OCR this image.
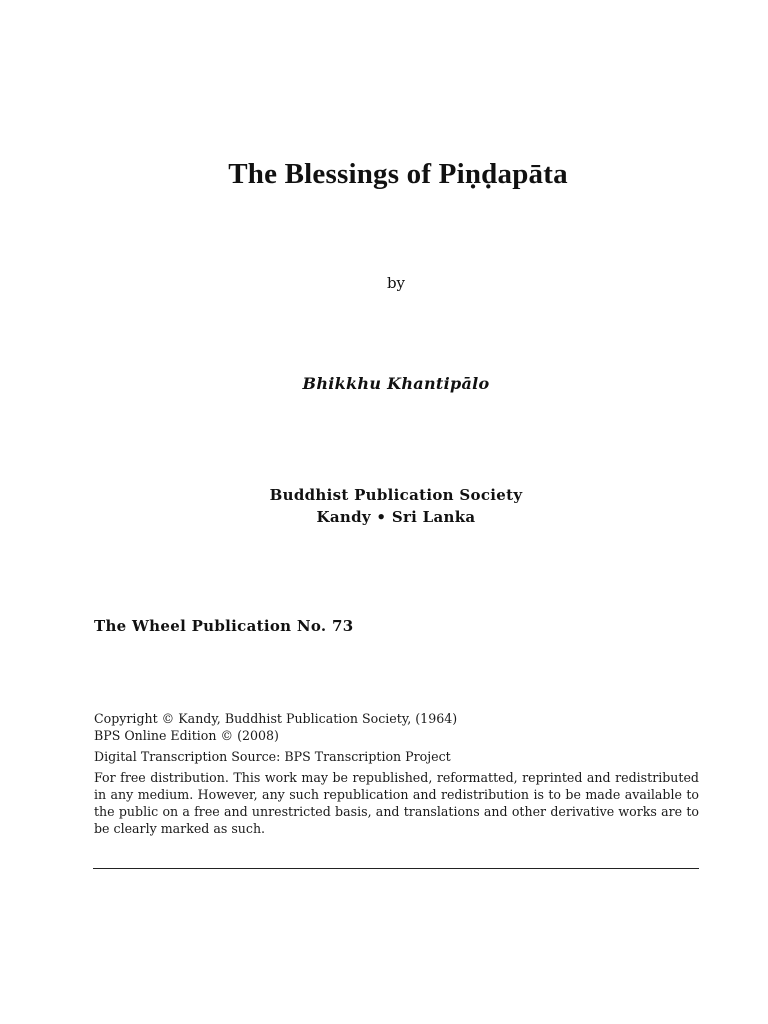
The Blessings of Piṇḍapāta
by
Bhikkhu Khantipālo
Buddhist Publication Society
Kandy • Sri Lanka
The Wheel Publication No. 73

Copyright © Kandy, Buddhist Publication Society, (1964)

BPS Online Edition © (2008)

Digital Transcription Source: BPS Transcription Project

For free distribution. This work may be republished, reformatted, reprinted and redistributed in any medium. However, any such republication and redistribution is to be made available to the public on a free and unrestricted basis, and translations and other derivative works are to be clearly marked as such.
